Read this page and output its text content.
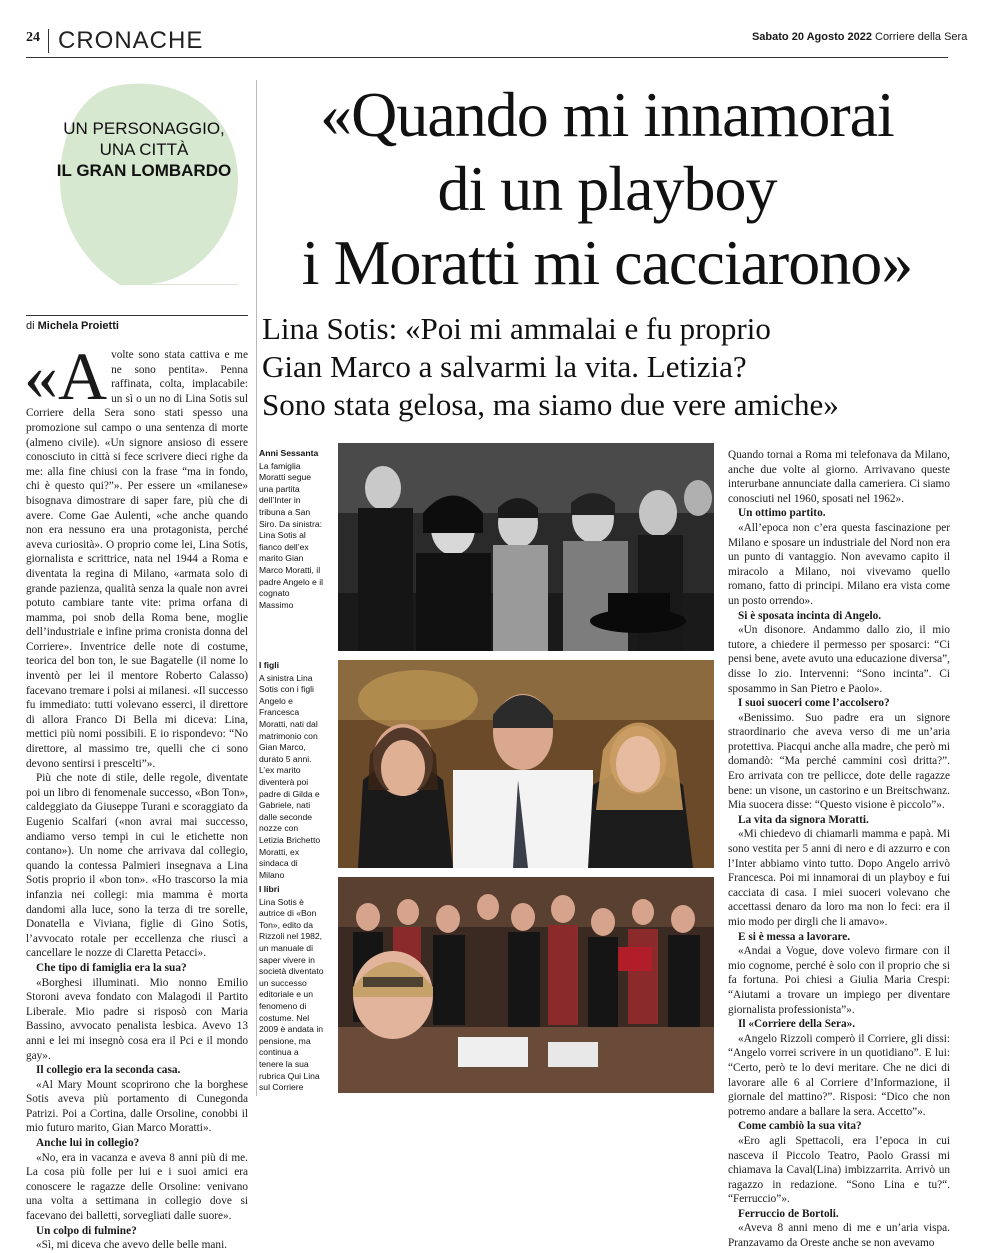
24 CRONACHE	Sabato 20 Agosto 2022 Corriere della Sera
UN PERSONAGGIO,
UNA CITTÀ
IL GRAN LOMBARDO
«Quando mi innamorai
di un playboy
i Moratti mi cacciarono»
Lina Sotis: «Poi mi ammalai e fu proprio
Gian Marco a salvarmi la vita. Letizia?
Sono stata gelosa, ma siamo due vere amiche»
di Michela Proietti

«Avolte sono stata cattiva e me ne sono pentita». Penna raffinata, colta, implacabile: un sì o un no di Lina Sotis sul Corriere della Sera sono stati spesso una promozione sul campo o una sentenza di morte (almeno civile). «Un signore ansioso di essere conosciuto in città si fece scrivere dieci righe da me: alla fine chiusi con la frase “ma in fondo, chi è questo qui?”». Per essere un «milanese» bisognava dimostrare di saper fare, più che di avere. Come Gae Aulenti, «che anche quando non era nessuno era una protagonista, perché aveva curiosità». O proprio come lei, Lina Sotis, giornalista e scrittrice, nata nel 1944 a Roma e diventata la regina di Milano, «armata solo di grande pazienza, qualità senza la quale non avrei potuto cambiare tante vite: prima orfana di mamma, poi snob della Roma bene, moglie dell’industriale e infine prima cronista donna del Corriere». Inventrice delle note di costume, teorica del bon ton, le sue Bagatelle (il nome lo inventò per lei il mentore Roberto Calasso) facevano tremare i polsi ai milanesi. «Il successo fu immediato: tutti volevano esserci, il direttore di allora Franco Di Bella mi diceva: Lina, mettici più nomi possibili. E io rispondevo: “No direttore, al massimo tre, quelli che ci sono devono sentirsi i prescelti”».

Più che note di stile, delle regole, diventate poi un libro di fenomenale successo, «Bon Ton», caldeggiato da Giuseppe Turani e scoraggiato da Eugenio Scalfari («non avrai mai successo, andiamo verso tempi in cui le etichette non contano»). Un nome che arrivava dal collegio, quando la contessa Palmieri insegnava a Lina Sotis proprio il «bon ton». «Ho trascorso la mia infanzia nei collegi: mia mamma è morta dandomi alla luce, sono la terza di tre sorelle, Donatella e Viviana, figlie di Gino Sotis, l’avvocato rotale per eccellenza che riuscì a cancellare le nozze di Claretta Petacci».

Che tipo di famiglia era la sua?

«Borghesi illuminati. Mio nonno Emilio Storoni aveva fondato con Malagodi il Partito Liberale. Mio padre si risposò con Maria Bassino, avvocato penalista lesbica. Avevo 13 anni e lei mi insegnò cosa era il Pci e il mondo gay».

Il collegio era la seconda casa.

«Al Mary Mount scoprirono che la borghese Sotis aveva più portamento di Cunegonda Patrizi. Poi a Cortina, dalle Orsoline, conobbi il mio futuro marito, Gian Marco Moratti».

Anche lui in collegio?

«No, era in vacanza e aveva 8 anni più di me. La cosa più folle per lui e i suoi amici era conoscere le ragazze delle Orsoline: venivano una volta a settimana in collegio dove si facevano dei balletti, sorvegliati dalle suore».

Un colpo di fulmine?

«Sì, mi diceva che avevo delle belle mani.

Anni Sessanta
La famiglia Moratti segue una partita dell’Inter in tribuna a San Siro. Da sinistra: Lina Sotis al fianco dell’ex marito Gian Marco Moratti, il padre Angelo e il cognato Massimo
I figli
A sinistra Lina Sotis con i figli Angelo e Francesca Moratti, nati dal matrimonio con Gian Marco, durato 5 anni. L’ex marito diventerà poi padre di Gilda e Gabriele, nati dalle seconde nozze con Letizia Brichetto Moratti, ex sindaca di Milano
I libri
Lina Sotis è autrice di «Bon Ton», edito da Rizzoli nel 1982, un manuale di saper vivere in società diventato un successo editoriale e un fenomeno di costume. Nel 2009 è andata in pensione, ma continua a tenere la sua rubrica Qui Lina sul Corriere

Quando tornai a Roma mi telefonava da Milano, anche due volte al giorno. Arrivavano queste interurbane annunciate dalla cameriera. Ci siamo conosciuti nel 1960, sposati nel 1962».

Un ottimo partito.

«All’epoca non c’era questa fascinazione per Milano e sposare un industriale del Nord non era un punto di vantaggio. Non avevamo capito il miracolo a Milano, noi vivevamo quello romano, fatto di principi. Milano era vista come un posto orrendo».

Si è sposata incinta di Angelo.

«Un disonore. Andammo dallo zio, il mio tutore, a chiedere il permesso per sposarci: “Ci pensi bene, avete avuto una educazione diversa”, disse lo zio. Intervenni: “Sono incinta”. Ci sposammo in San Pietro e Paolo».

I suoi suoceri come l’accolsero?

«Benissimo. Suo padre era un signore straordinario che aveva verso di me un’aria protettiva. Piacqui anche alla madre, che però mi domandò: “Ma perché cammini così dritta?”. Ero arrivata con tre pellicce, dote delle ragazze bene: un visone, un castorino e un Breitschwanz. Mia suocera disse: “Questo visione è piccolo”».

La vita da signora Moratti.

«Mi chiedevo di chiamarli mamma e papà. Mi sono vestita per 5 anni di nero e di azzurro e con l’Inter abbiamo vinto tutto. Dopo Angelo arrivò Francesca. Poi mi innamorai di un playboy e fui cacciata di casa. I miei suoceri volevano che accettassi denaro da loro ma non lo feci: era il mio modo per dirgli che li amavo».

E si è messa a lavorare.

«Andai a Vogue, dove volevo firmare con il mio cognome, perché è solo con il proprio che si fa fortuna. Poi chiesi a Giulia Maria Crespi: “Aiutami a trovare un impiego per diventare giornalista professionista”».

Il «Corriere della Sera».

«Angelo Rizzoli comperò il Corriere, gli dissi: “Angelo vorrei scrivere in un quotidiano”. E lui: “Certo, però te lo devi meritare. Che ne dici di lavorare alle 6 al Corriere d’Informazione, il giornale del mattino?”. Risposi: “Dico che non potremo andare a ballare la sera. Accetto”».

Come cambiò la sua vita?

«Ero agli Spettacoli, era l’epoca in cui nasceva il Piccolo Teatro, Paolo Grassi mi chiamava la Caval(Lina) imbizzarrita. Arrivò un ragazzo in redazione. “Sono Lina e tu?“. “Ferruccio”».

Ferruccio de Bortoli.

«Aveva 8 anni meno di me e un’aria vispa. Pranzavamo da Oreste anche se non avevamo
